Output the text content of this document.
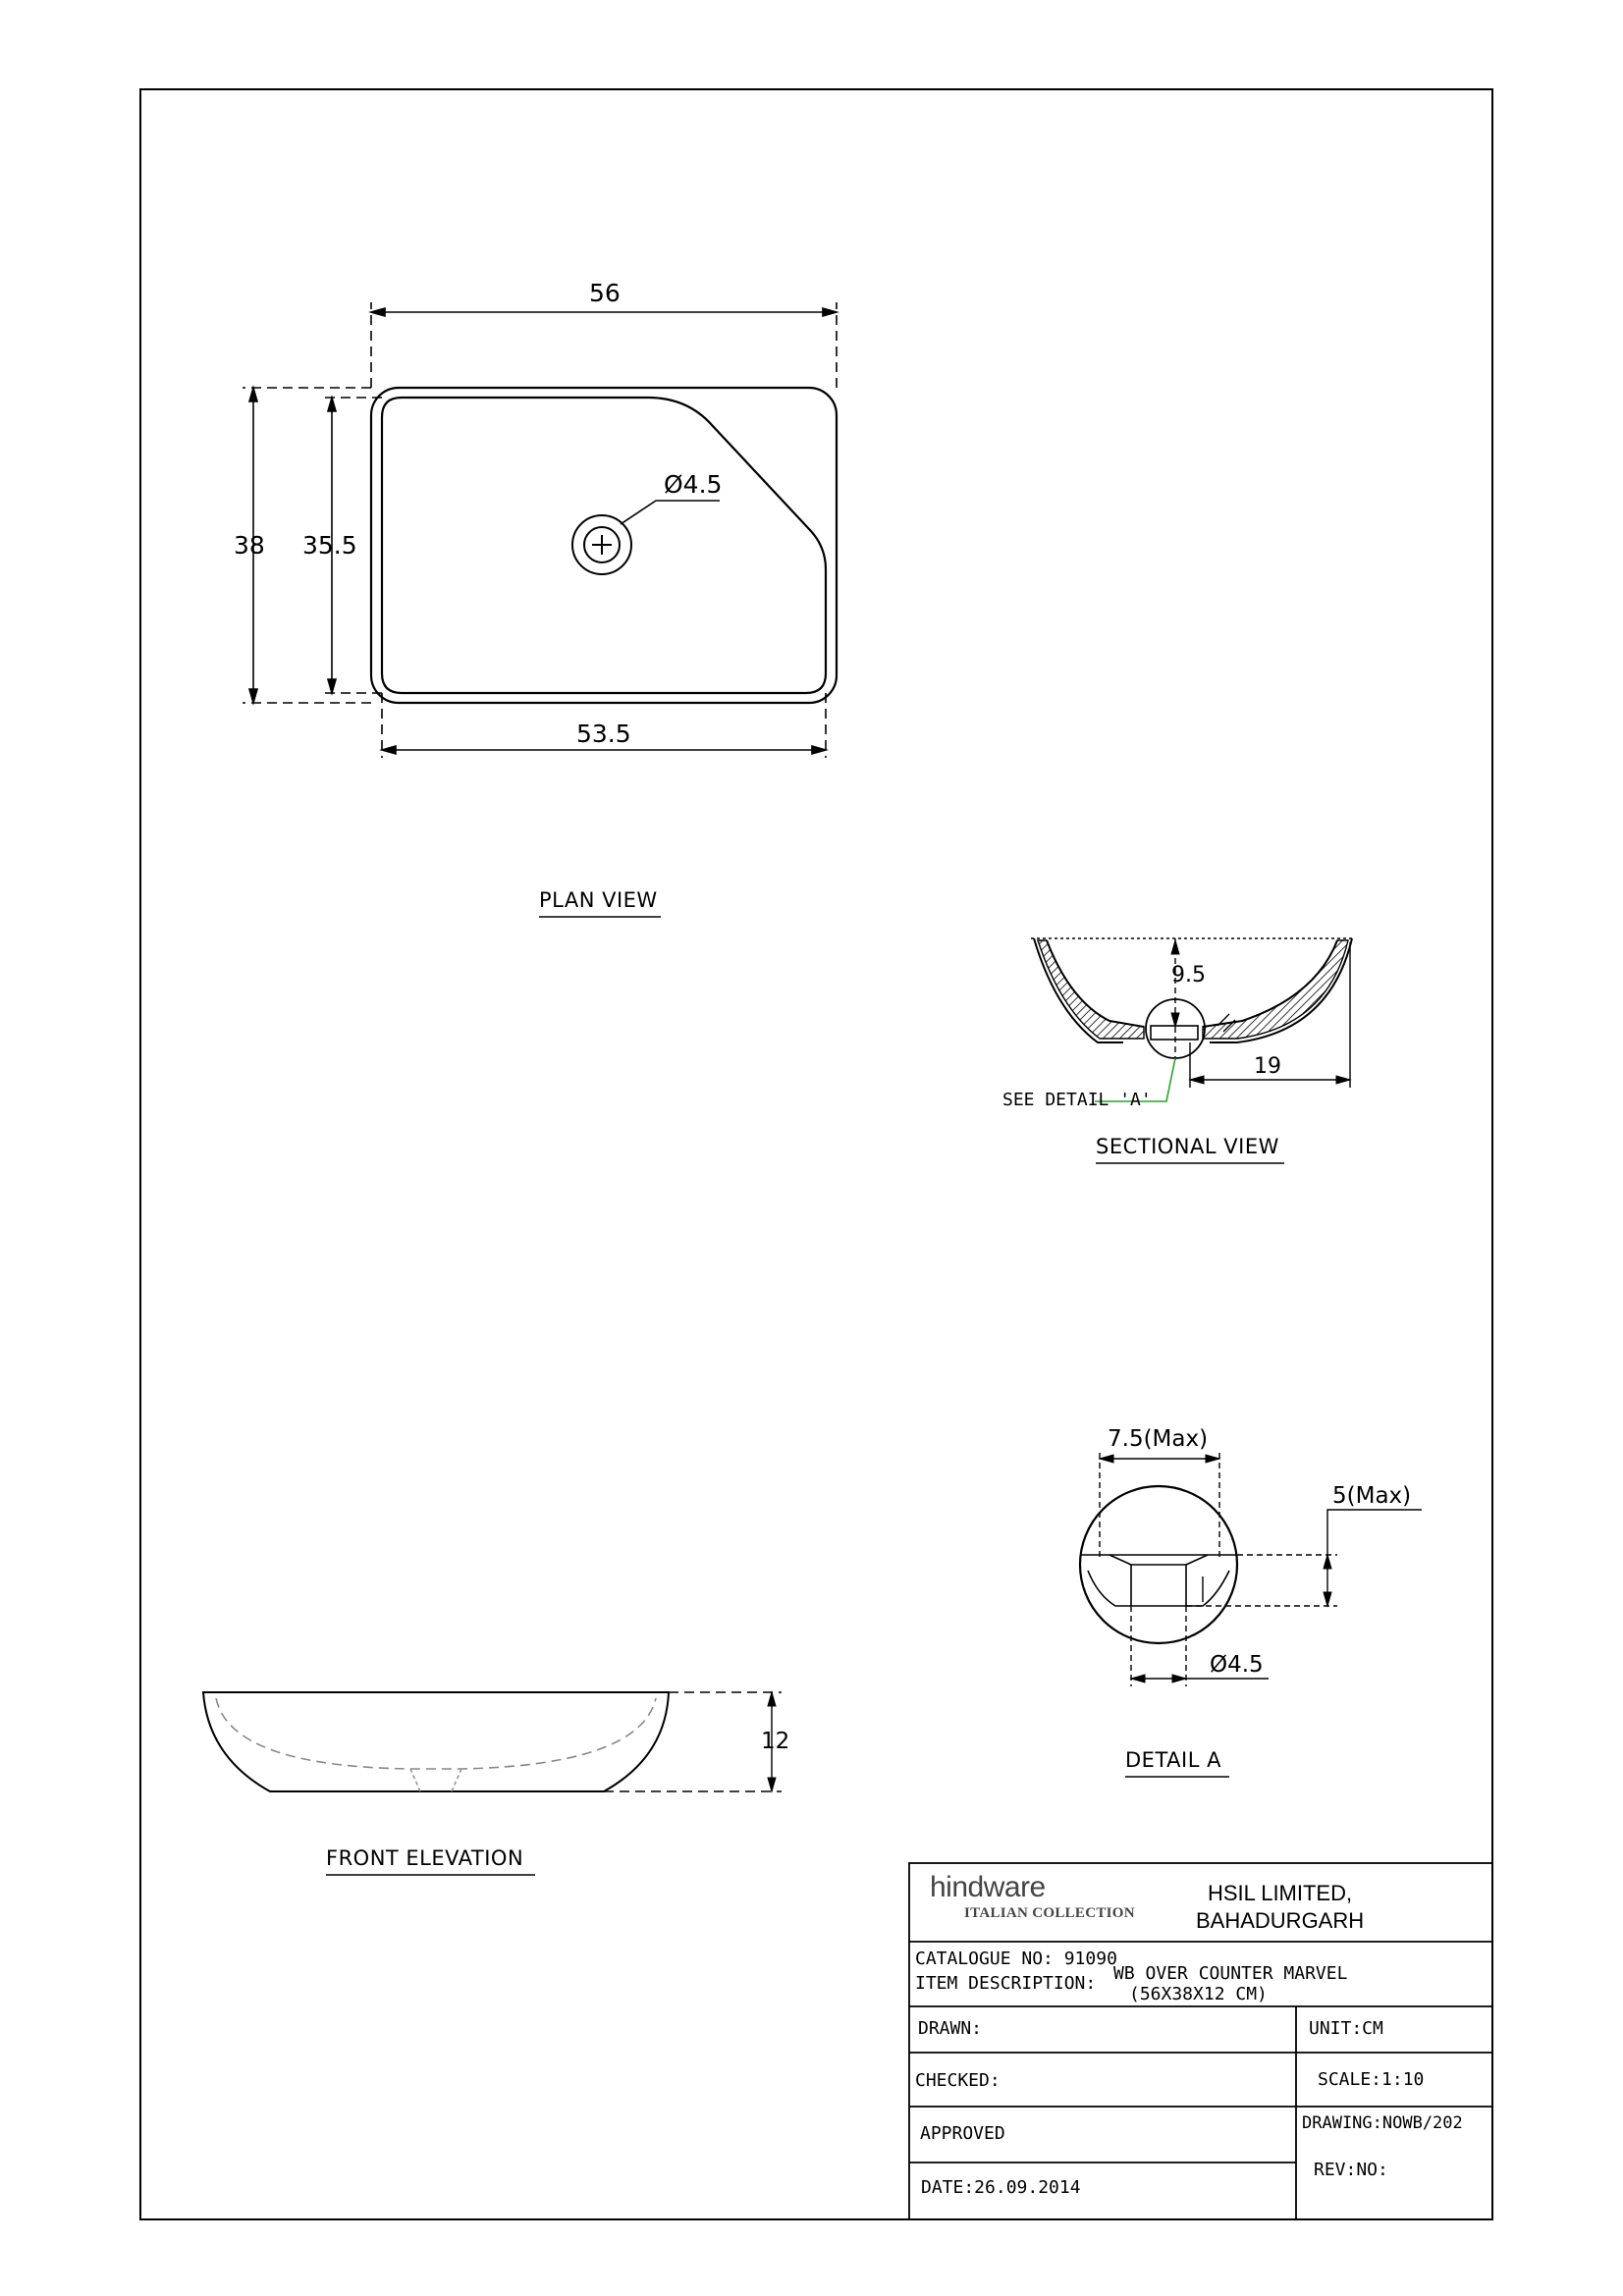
56
38 35.5
53.5
Ø4.5
PLAN VIEW
9.5
19
SEE DETAIL 'A'
SECTIONAL VIEW
7.5(Max)
5(Max)
Ø4.5
DETAIL A
12
FRONT ELEVATION
hindware
ITALIAN COLLECTION
HSIL LIMITED,
BAHADURGARH
CATALOGUE NO: 91090
ITEM DESCRIPTION: WB OVER COUNTER MARVEL
(56X38X12 CM)
DRAWN:
CHECKED:
APPROVED
DATE:26.09.2014
UNIT:CM
SCALE:1:10
DRAWING:NOWB/202
REV:NO:
